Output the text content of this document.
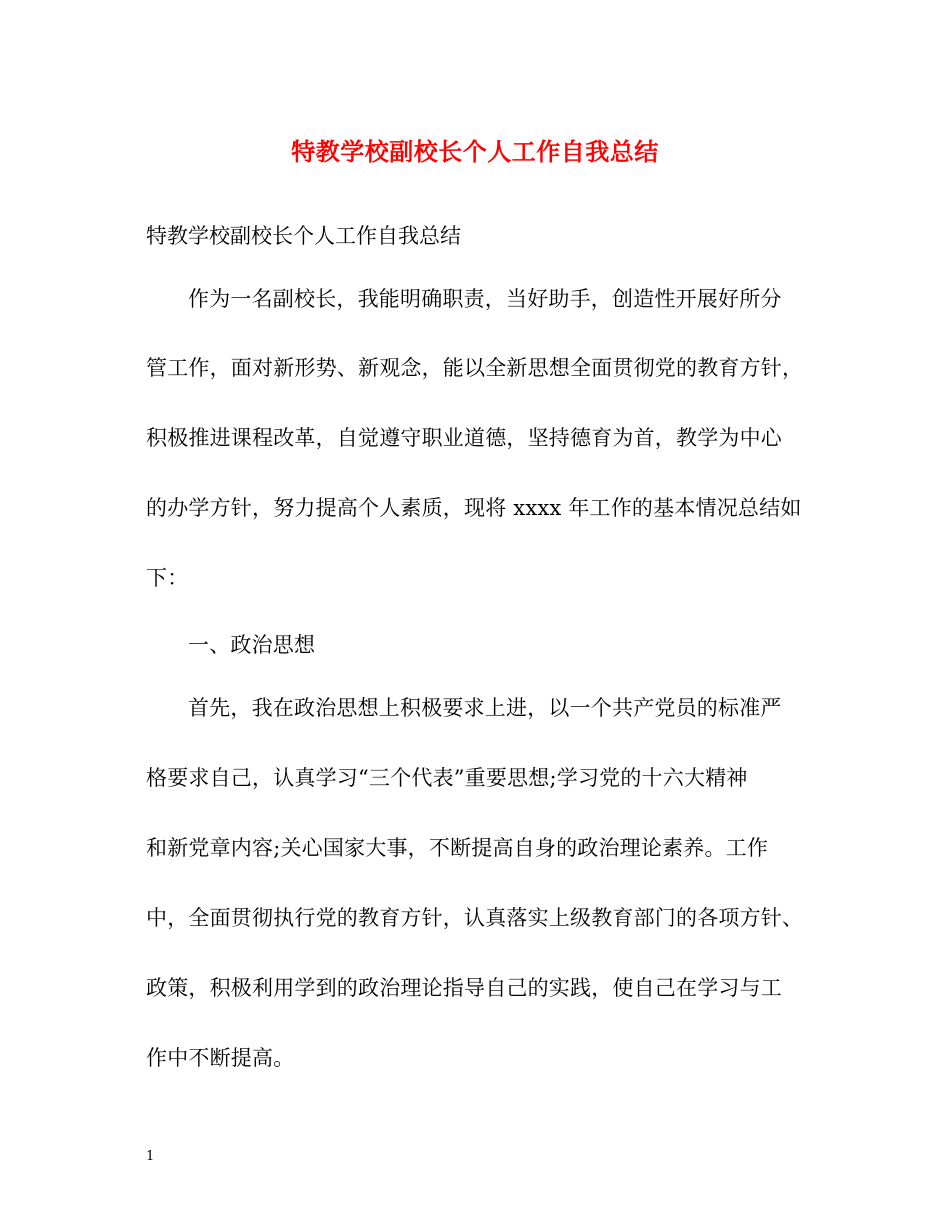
特教学校副校长个人工作自我总结
特教学校副校长个人工作自我总结
作为一名副校长，我能明确职责，当好助手，创造性开展好所分
管工作，面对新形势、新观念，能以全新思想全面贯彻党的教育方针，
积极推进课程改革，自觉遵守职业道德，坚持德育为首，教学为中心
的办学方针，努力提高个人素质，现将 xxxx 年工作的基本情况总结如
下：
一、政治思想
首先，我在政治思想上积极要求上进，以一个共产党员的标准严
格要求自己，认真学习“三个代表”重要思想;学习党的十六大精神
和新党章内容;关心国家大事，不断提高自身的政治理论素养。工作
中，全面贯彻执行党的教育方针，认真落实上级教育部门的各项方针、
政策，积极利用学到的政治理论指导自己的实践，使自己在学习与工
作中不断提高。
1
